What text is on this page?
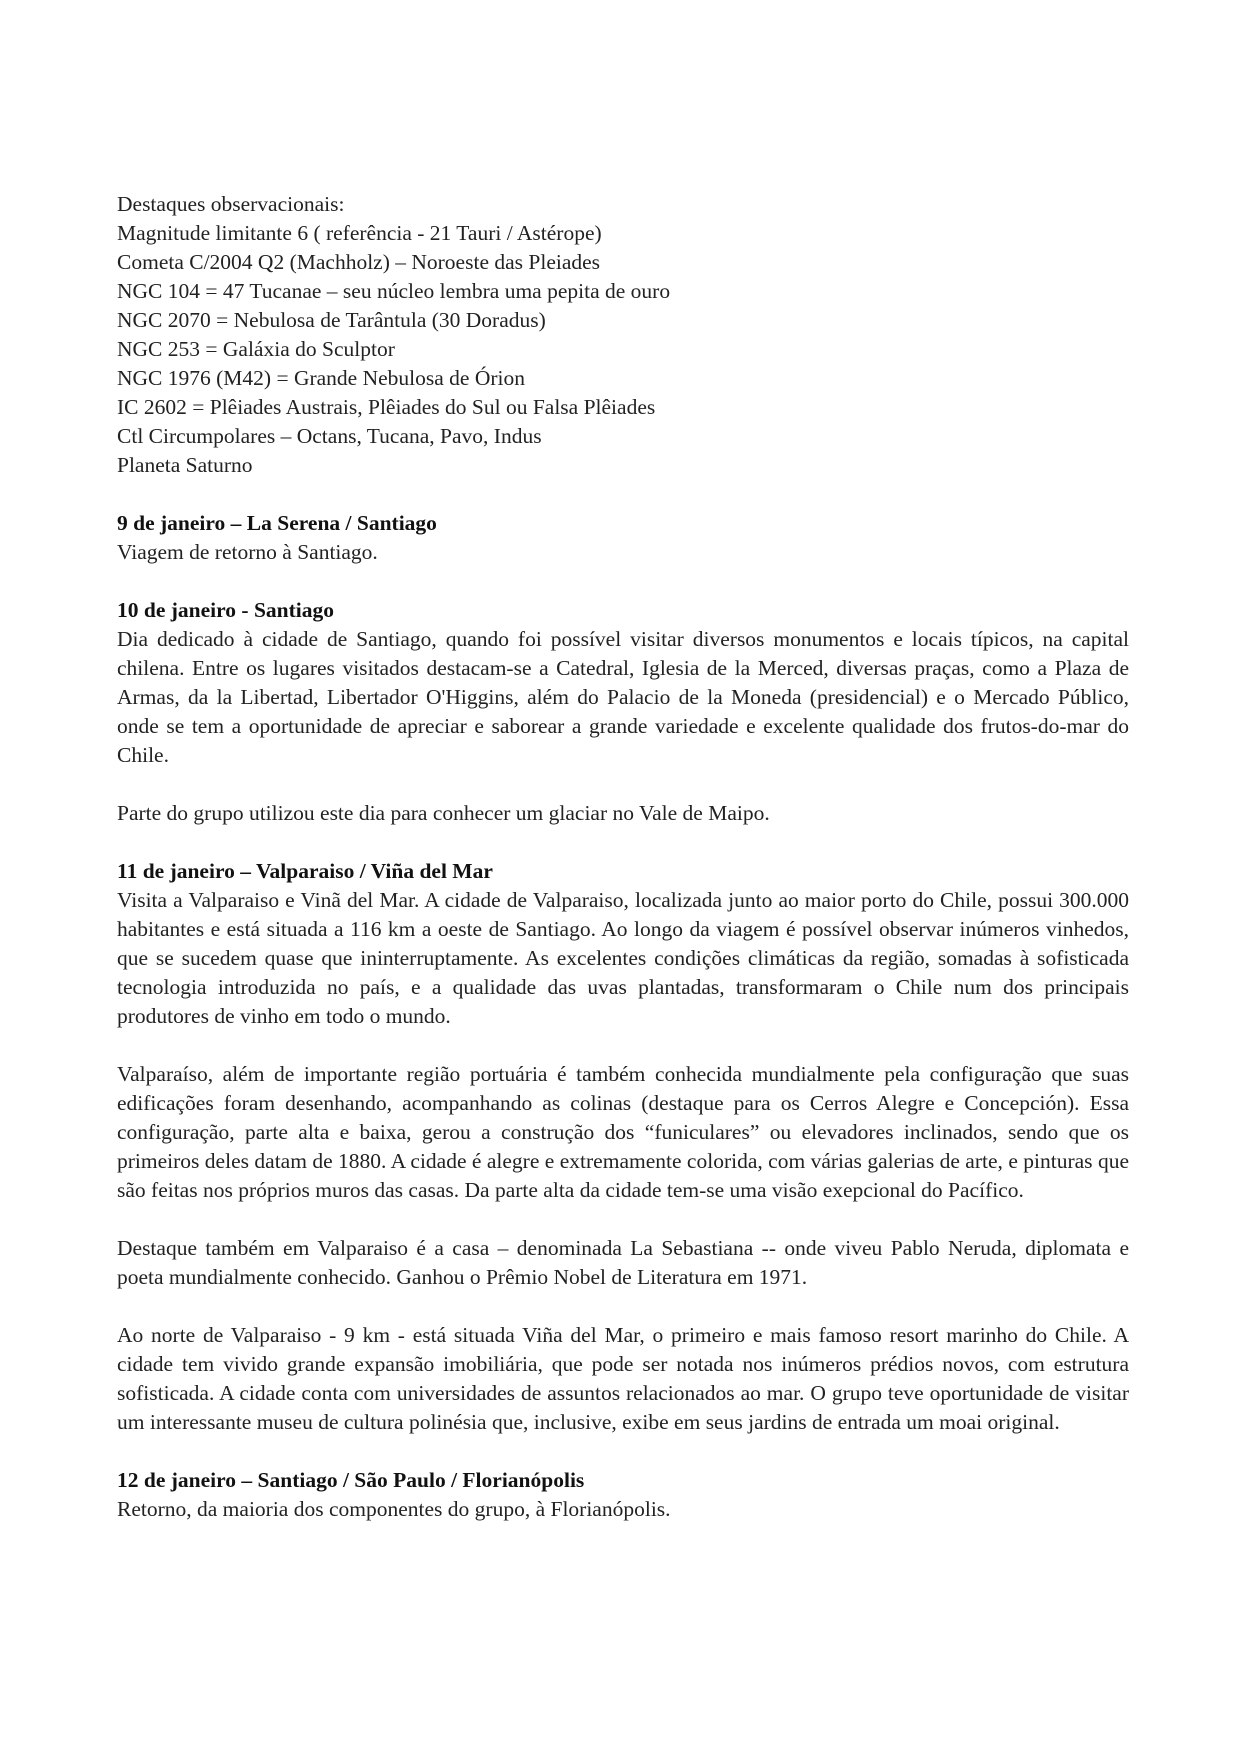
Destaques observacionais:

Magnitude limitante 6 ( referência - 21 Tauri / Astérope)

Cometa C/2004 Q2 (Machholz) – Noroeste das Pleiades

NGC 104 = 47 Tucanae – seu núcleo lembra uma pepita de ouro

NGC 2070 = Nebulosa de Tarântula (30 Doradus)

NGC 253 = Galáxia do Sculptor

NGC 1976 (M42) = Grande Nebulosa de Órion

IC 2602 = Plêiades Austrais, Plêiades do Sul ou Falsa Plêiades

Ctl Circumpolares – Octans, Tucana, Pavo, Indus

Planeta Saturno

9 de janeiro – La Serena / Santiago

Viagem de retorno à Santiago.

10 de janeiro - Santiago

Dia dedicado à cidade de Santiago, quando foi possível visitar diversos monumentos e locais típicos, na capital chilena. Entre os lugares visitados destacam-se a Catedral, Iglesia de la Merced, diversas praças, como a Plaza de Armas, da la Libertad, Libertador O'Higgins, além do Palacio de la Moneda (presidencial) e o Mercado Público, onde se tem a oportunidade de apreciar e saborear a grande variedade e excelente qualidade dos frutos-do-mar do Chile.

Parte do grupo utilizou este dia para conhecer um glaciar no Vale de Maipo.

11 de janeiro – Valparaiso / Viña del Mar

Visita a Valparaiso e Vinã del Mar. A cidade de Valparaiso, localizada junto ao maior porto do Chile, possui 300.000 habitantes e está situada a 116 km a oeste de Santiago. Ao longo da viagem é possível observar inúmeros vinhedos, que se sucedem quase que ininterruptamente. As excelentes condições climáticas da região, somadas à sofisticada tecnologia introduzida no país, e a qualidade das uvas plantadas, transformaram o Chile num dos principais produtores de vinho em todo o mundo.

Valparaíso, além de importante região portuária é também conhecida mundialmente pela configuração que suas edificações foram desenhando, acompanhando as colinas (destaque para os Cerros Alegre e Concepción). Essa configuração, parte alta e baixa, gerou a construção dos “funiculares” ou elevadores inclinados, sendo que os primeiros deles datam de 1880. A cidade é alegre e extremamente colorida, com várias galerias de arte, e pinturas que são feitas nos próprios muros das casas. Da parte alta da cidade tem-se uma visão exepcional do Pacífico.

Destaque também em Valparaiso é a casa – denominada La Sebastiana -- onde viveu Pablo Neruda, diplomata e poeta mundialmente conhecido. Ganhou o Prêmio Nobel de Literatura em 1971.

Ao norte de Valparaiso - 9 km - está situada Viña del Mar, o primeiro e mais famoso resort marinho do Chile. A cidade tem vivido grande expansão imobiliária, que pode ser notada nos inúmeros prédios novos, com estrutura sofisticada. A cidade conta com universidades de assuntos relacionados ao mar. O grupo teve oportunidade de visitar um interessante museu de cultura polinésia que, inclusive, exibe em seus jardins de entrada um moai original.

12 de janeiro – Santiago / São Paulo / Florianópolis

Retorno, da maioria dos componentes do grupo, à Florianópolis.
